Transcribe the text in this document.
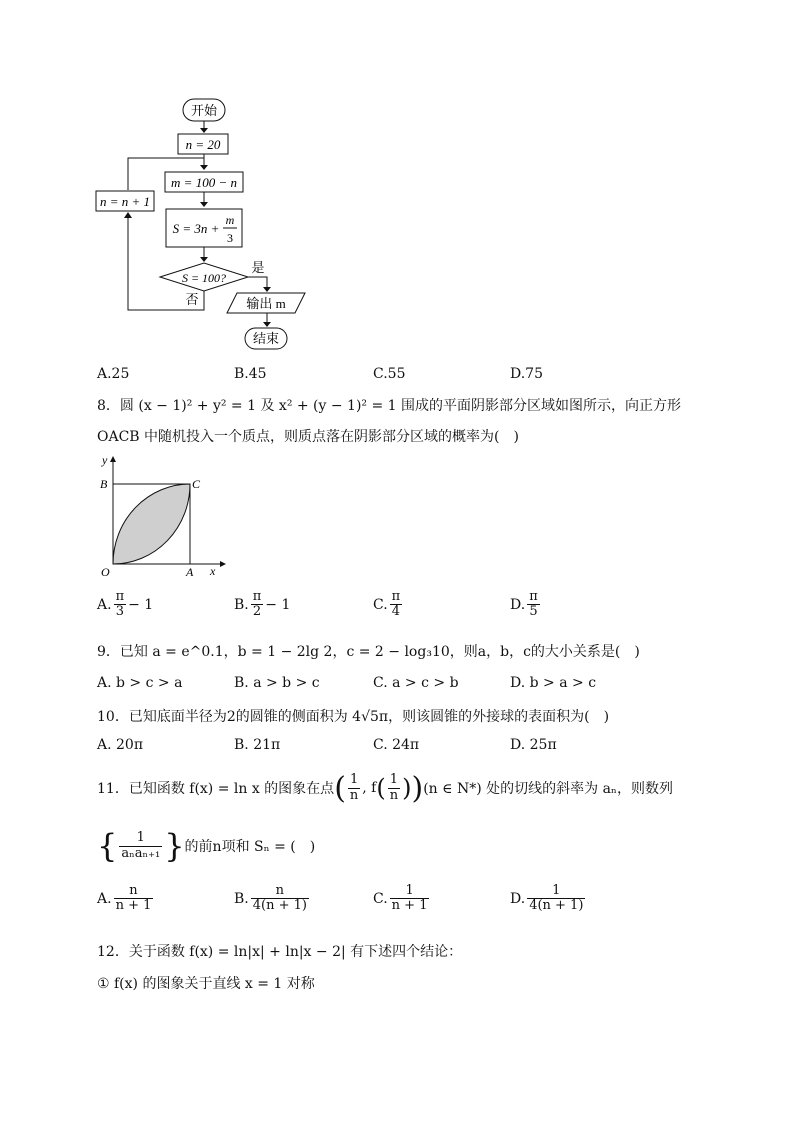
开始
n = 20
m = 100 − n
S = 3n +
m
3
n = n + 1
S = 100?
否
是
输出 m
结束
A.25	B.45	C.55	D.75
8．圆 (x − 1)² + y² = 1 及 x² + (y − 1)² = 1 围成的平面阴影部分区域如图所示，向正方形
OACB 中随机投入一个质点，则质点落在阴影部分区域的概率为(　)
y
x
B	C
O	A
A. $\frac{\pi}{3} - 1$	B. $\frac{\pi}{2} - 1$	C. $\frac{\pi}{4}$	D. $\frac{\pi}{5}$
9．已知 a = e^0.1，b = 1 − 2lg 2，c = 2 − log₃10，则a，b，c的大小关系是(　)
A. b > c > a	B. a > b > c	C. a > c > b	D. b > a > c
10．已知底面半径为2的圆锥的侧面积为 4√5π，则该圆锥的外接球的表面积为(　)
A. 20π	B. 21π	C. 24π	D. 25π
11．已知函数 f(x) = ln x 的图象在点 ( $\frac{1}{n}$ , f ( $\frac{1}{n}$ ) ) (n ∈ N*) 处的切线的斜率为 aₙ，则数列
{ $\frac{1}{\text{aₙaₙ₊₁}}$ } 的前n项和 Sₙ = (　)
A. $\frac{n}{n + 1}$	B. $\frac{n}{4(n + 1)}$	C. $\frac{1}{n + 1}$	D. $\frac{1}{4(n + 1)}$
12．关于函数 f(x) = ln|x| + ln|x − 2| 有下述四个结论：
① f(x) 的图象关于直线 x = 1 对称
